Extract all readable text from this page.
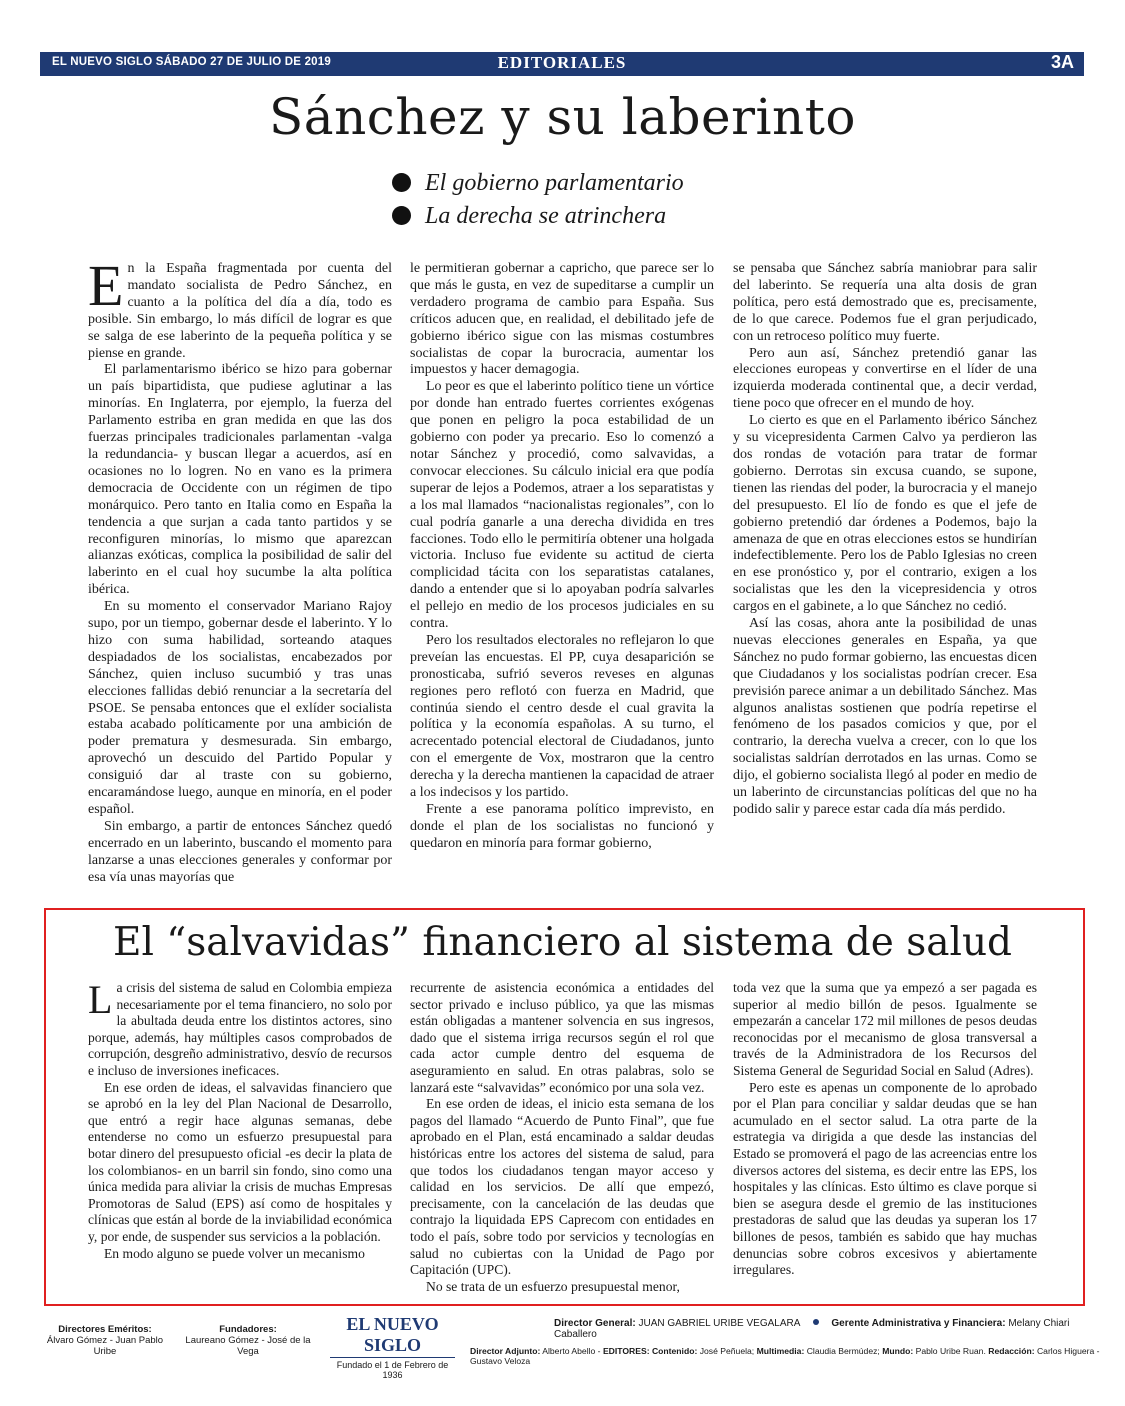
EL NUEVO SIGLO SÁBADO 27 DE JULIO DE 2019	EDITORIALES	3A
Sánchez y su laberinto
El gobierno parlamentario
La derecha se atrinchera

En la España fragmentada por cuenta del mandato socialista de Pedro Sánchez, en cuanto a la política del día a día, todo es posible. Sin embargo, lo más difícil de lograr es que se salga de ese laberinto de la pequeña política y se piense en grande.

El parlamentarismo ibérico se hizo para gobernar un país bipartidista, que pudiese aglutinar a las minorías. En Inglaterra, por ejemplo, la fuerza del Parlamento estriba en gran medida en que las dos fuerzas principales tradicionales parlamentan -valga la redundancia- y buscan llegar a acuerdos, así en ocasiones no lo logren. No en vano es la primera democracia de Occidente con un régimen de tipo monárquico. Pero tanto en Italia como en España la tendencia a que surjan a cada tanto partidos y se reconfiguren minorías, lo mismo que aparezcan alianzas exóticas, complica la posibilidad de salir del laberinto en el cual hoy sucumbe la alta política ibérica.

En su momento el conservador Mariano Rajoy supo, por un tiempo, gobernar desde el laberinto. Y lo hizo con suma habilidad, sorteando ataques despiadados de los socialistas, encabezados por Sánchez, quien incluso sucumbió y tras unas elecciones fallidas debió renunciar a la secretaría del PSOE. Se pensaba entonces que el exlíder socialista estaba acabado políticamente por una ambición de poder prematura y desmesurada. Sin embargo, aprovechó un descuido del Partido Popular y consiguió dar al traste con su gobierno, encaramándose luego, aunque en minoría, en el poder español.

Sin embargo, a partir de entonces Sánchez quedó encerrado en un laberinto, buscando el momento para lanzarse a unas elecciones generales y conformar por esa vía unas mayorías que

le permitieran gobernar a capricho, que parece ser lo que más le gusta, en vez de supeditarse a cumplir un verdadero programa de cambio para España. Sus críticos aducen que, en realidad, el debilitado jefe de gobierno ibérico sigue con las mismas costumbres socialistas de copar la burocracia, aumentar los impuestos y hacer demagogia.

Lo peor es que el laberinto político tiene un vórtice por donde han entrado fuertes corrientes exógenas que ponen en peligro la poca estabilidad de un gobierno con poder ya precario. Eso lo comenzó a notar Sánchez y procedió, como salvavidas, a convocar elecciones. Su cálculo inicial era que podía superar de lejos a Podemos, atraer a los separatistas y a los mal llamados “nacionalistas regionales”, con lo cual podría ganarle a una derecha dividida en tres facciones. Todo ello le permitiría obtener una holgada victoria. Incluso fue evidente su actitud de cierta complicidad tácita con los separatistas catalanes, dando a entender que si lo apoyaban podría salvarles el pellejo en medio de los procesos judiciales en su contra.

Pero los resultados electorales no reflejaron lo que preveían las encuestas. El PP, cuya desaparición se pronosticaba, sufrió severos reveses en algunas regiones pero reflotó con fuerza en Madrid, que continúa siendo el centro desde el cual gravita la política y la economía españolas. A su turno, el acrecentado potencial electoral de Ciudadanos, junto con el emergente de Vox, mostraron que la centro derecha y la derecha mantienen la capacidad de atraer a los indecisos y los partido.

Frente a ese panorama político imprevisto, en donde el plan de los socialistas no funcionó y quedaron en minoría para formar gobierno,

se pensaba que Sánchez sabría maniobrar para salir del laberinto. Se requería una alta dosis de gran política, pero está demostrado que es, precisamente, de lo que carece. Podemos fue el gran perjudicado, con un retroceso político muy fuerte.

Pero aun así, Sánchez pretendió ganar las elecciones europeas y convertirse en el líder de una izquierda moderada continental que, a decir verdad, tiene poco que ofrecer en el mundo de hoy.

Lo cierto es que en el Parlamento ibérico Sánchez y su vicepresidenta Carmen Calvo ya perdieron las dos rondas de votación para tratar de formar gobierno. Derrotas sin excusa cuando, se supone, tienen las riendas del poder, la burocracia y el manejo del presupuesto. El lío de fondo es que el jefe de gobierno pretendió dar órdenes a Podemos, bajo la amenaza de que en otras elecciones estos se hundirían indefectiblemente. Pero los de Pablo Iglesias no creen en ese pronóstico y, por el contrario, exigen a los socialistas que les den la vicepresidencia y otros cargos en el gabinete, a lo que Sánchez no cedió.

Así las cosas, ahora ante la posibilidad de unas nuevas elecciones generales en España, ya que Sánchez no pudo formar gobierno, las encuestas dicen que Ciudadanos y los socialistas podrían crecer. Esa previsión parece animar a un debilitado Sánchez. Mas algunos analistas sostienen que podría repetirse el fenómeno de los pasados comicios y que, por el contrario, la derecha vuelva a crecer, con lo que los socialistas saldrían derrotados en las urnas. Como se dijo, el gobierno socialista llegó al poder en medio de un laberinto de circunstancias políticas del que no ha podido salir y parece estar cada día más perdido.

El “salvavidas” financiero al sistema de salud

La crisis del sistema de salud en Colombia empieza necesariamente por el tema financiero, no solo por la abultada deuda entre los distintos actores, sino porque, además, hay múltiples casos comprobados de corrupción, desgreño administrativo, desvío de recursos e incluso de inversiones ineficaces.

En ese orden de ideas, el salvavidas financiero que se aprobó en la ley del Plan Nacional de Desarrollo, que entró a regir hace algunas semanas, debe entenderse no como un esfuerzo presupuestal para botar dinero del presupuesto oficial -es decir la plata de los colombianos- en un barril sin fondo, sino como una única medida para aliviar la crisis de muchas Empresas Promotoras de Salud (EPS) así como de hospitales y clínicas que están al borde de la inviabilidad económica y, por ende, de suspender sus servicios a la población.

En modo alguno se puede volver un mecanismo

recurrente de asistencia económica a entidades del sector privado e incluso público, ya que las mismas están obligadas a mantener solvencia en sus ingresos, dado que el sistema irriga recursos según el rol que cada actor cumple dentro del esquema de aseguramiento en salud. En otras palabras, solo se lanzará este “salvavidas” económico por una sola vez.

En ese orden de ideas, el inicio esta semana de los pagos del llamado “Acuerdo de Punto Final”, que fue aprobado en el Plan, está encaminado a saldar deudas históricas entre los actores del sistema de salud, para que todos los ciudadanos tengan mayor acceso y calidad en los servicios. De allí que empezó, precisamente, con la cancelación de las deudas que contrajo la liquidada EPS Caprecom con entidades en todo el país, sobre todo por servicios y tecnologías en salud no cubiertas con la Unidad de Pago por Capitación (UPC).

No se trata de un esfuerzo presupuestal menor,

toda vez que la suma que ya empezó a ser pagada es superior al medio billón de pesos. Igualmente se empezarán a cancelar 172 mil millones de pesos deudas reconocidas por el mecanismo de glosa transversal a través de la Administradora de los Recursos del Sistema General de Seguridad Social en Salud (Adres).

Pero este es apenas un componente de lo aprobado por el Plan para conciliar y saldar deudas que se han acumulado en el sector salud. La otra parte de la estrategia va dirigida a que desde las instancias del Estado se promoverá el pago de las acreencias entre los diversos actores del sistema, es decir entre las EPS, los hospitales y las clínicas. Esto último es clave porque si bien se asegura desde el gremio de las instituciones prestadoras de salud que las deudas ya superan los 17 billones de pesos, también es sabido que hay muchas denuncias sobre cobros excesivos y abiertamente irregulares.

Directores Eméritos:
Álvaro Gómez - Juan Pablo Uribe
Fundadores:
Laureano Gómez - José de la Vega
EL NUEVO SIGLO
Fundado el 1 de Febrero de 1936
Director General: JUAN GABRIEL URIBE VEGALARA	Gerente Administrativa y Financiera: Melany Chiari Caballero
Director Adjunto: Alberto Abello - EDITORES: Contenido: José Peñuela; Multimedia: Claudia Bermúdez; Mundo: Pablo Uribe Ruan. Redacción: Carlos Higuera - Gustavo Veloza
